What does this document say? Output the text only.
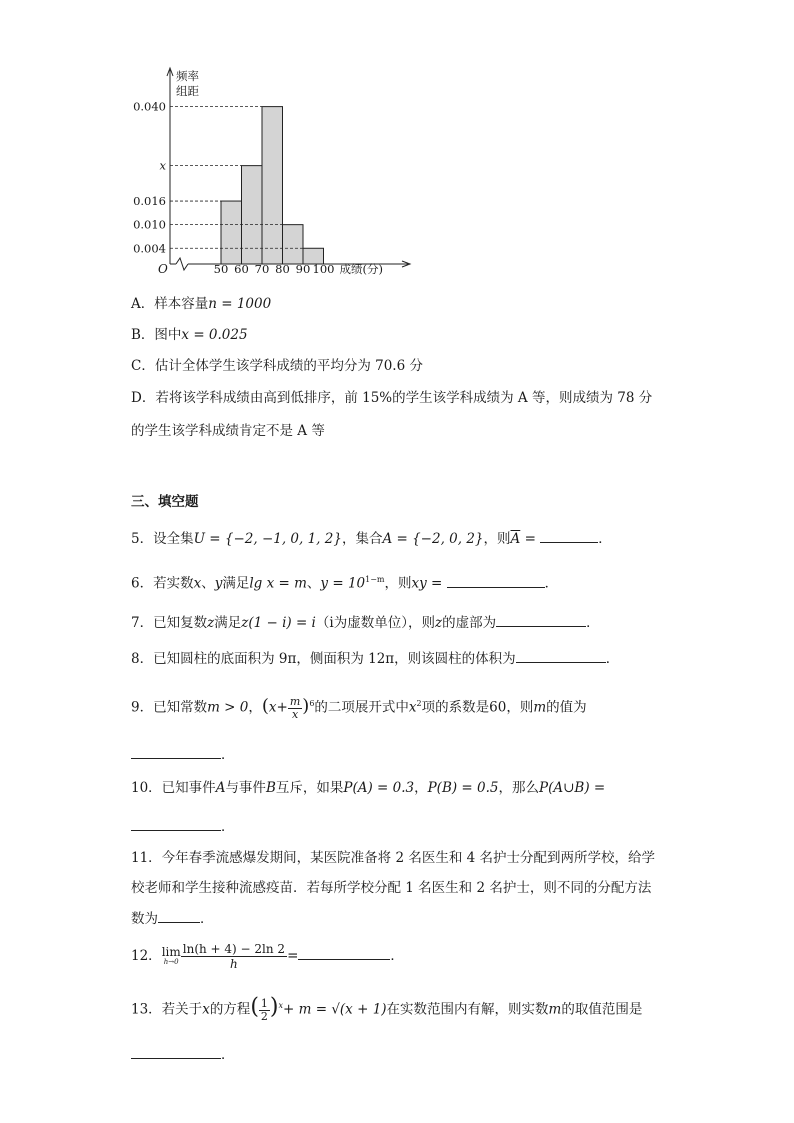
0.040
x
0.016
0.010
0.004
频率
组距
O	50 60 70 80 90 100 成绩(分)
A．样本容量n = 1000
B．图中x = 0.025
C．估计全体学生该学科成绩的平均分为 70.6 分
D．若将该学科成绩由高到低排序，前 15%的学生该学科成绩为 A 等，则成绩为 78 分
的学生该学科成绩肯定不是 A 等
三、填空题
5．设全集U = {−2, −1, 0, 1, 2}，集合A = {−2, 0, 2}，则$\overline{A}$ =	．
6．若实数x、y满足lg x = m、$y = 10^{1-m}$，则xy =	．
7．已知复数z满足z(1 − i) = i（i为虚数单位），则z的虚部为	．
8．已知圆柱的底面积为 9π，侧面积为 12π，则该圆柱的体积为	．
9．已知常数m > 0，$(x+ \frac{m}{x} )^6$的二项展开式中$x^2$项的系数是60，则m的值为
．
10．已知事件A与事件B互斥，如果P(A) = 0.3，P(B) = 0.5，那么P(A∪B) =
．
11．今年春季流感爆发期间，某医院准备将 2 名医生和 4 名护士分配到两所学校，给学
校老师和学生接种流感疫苗．若每所学校分配 1 名医生和 2 名护士，则不同的分配方法
数为	．
12． lim
$h\to 0 \frac{\ln(h + 4) - 2\ln 2}{h}$ =	．
13．若关于x的方程( $\frac{1}{2} )^x+ m = √(x + 1)$在实数范围内有解，则实数m的取值范围是
．
